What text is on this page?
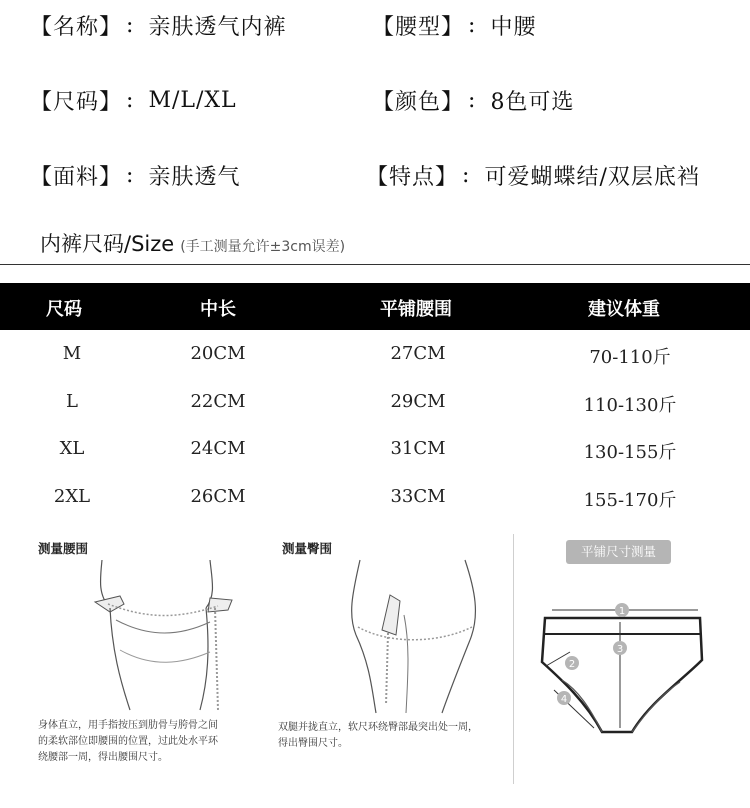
【名称】 : 亲肤透气内裤	【腰型】 : 中腰
【尺码】 : M/L/XL	【颜色】 : 8色可选
【面料】 : 亲肤透气	【特点】 : 可爱蝴蝶结/双层底裆
内裤尺码/Size (手工测量允许±3cm误差)
尺码	中长	平铺腰围	建议体重
M	20CM	27CM	70-110斤
L	22CM	29CM	110-130斤
XL	24CM	31CM	130-155斤
2XL	26CM	33CM	155-170斤
测量腰围
身体直立，用手指按压到肋骨与胯骨之间
的柔软部位即腰围的位置，过此处水平环
绕腰部一周，得出腰围尺寸。
测量臀围
双腿并拢直立，软尺环绕臀部最突出处一周，
得出臀围尺寸。
平铺尺寸测量
1
2
3
4
